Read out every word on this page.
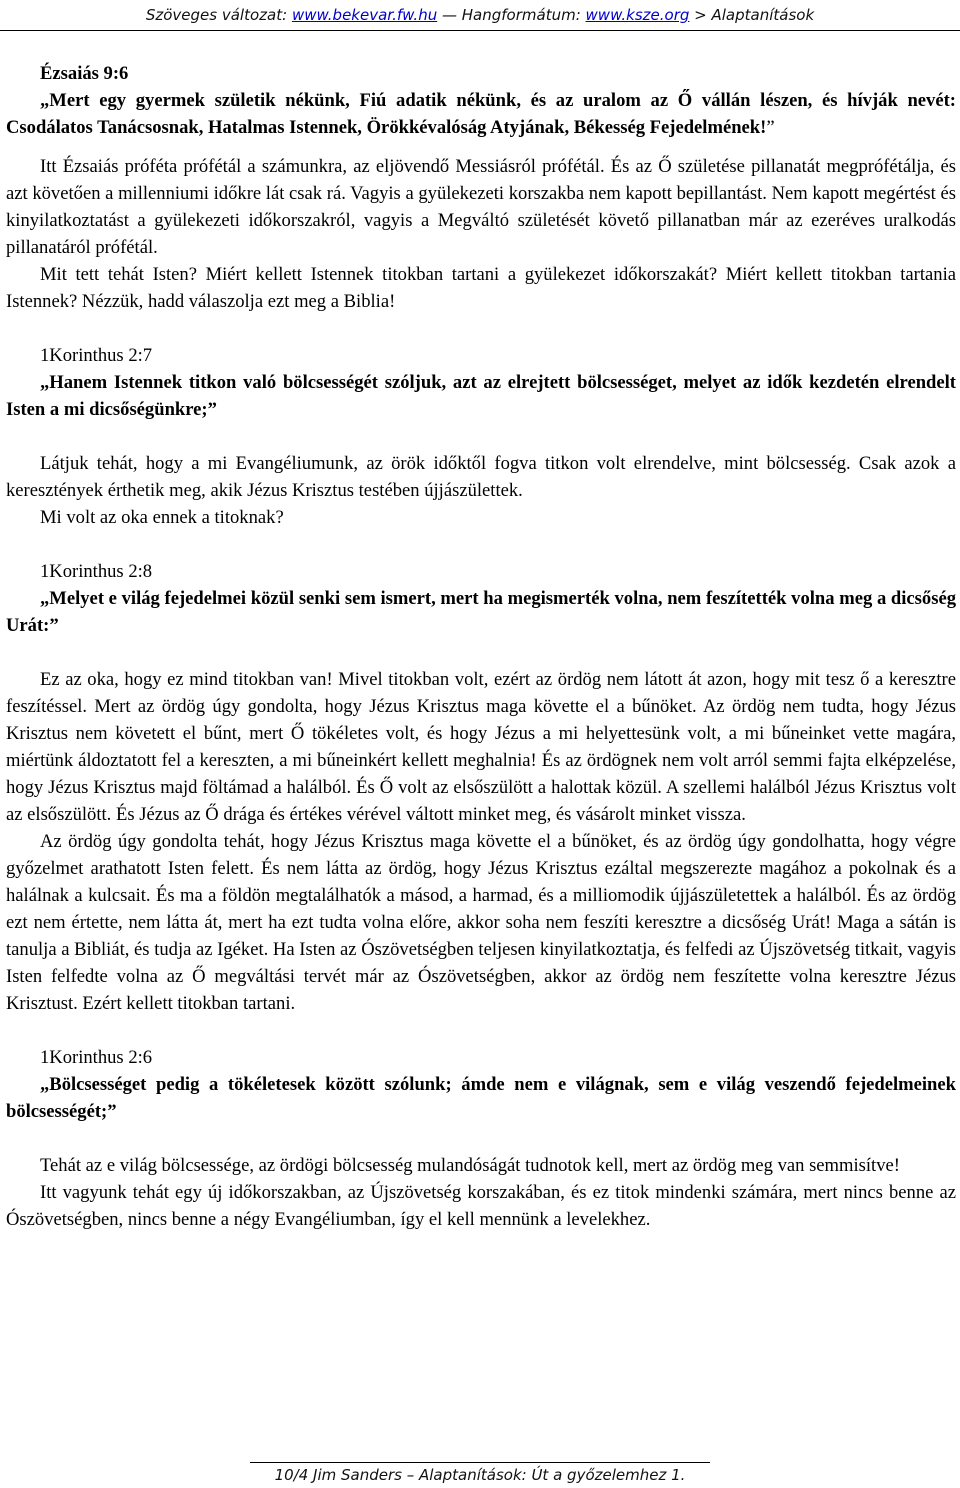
Szöveges változat: www.bekevar.fw.hu — Hangformátum: www.ksze.org > Alaptanítások

Ézsaiás 9:6

„Mert egy gyermek születik nékünk, Fiú adatik nékünk, és az uralom az Ő vállán lészen, és hívják nevét: Csodálatos Tanácsosnak, Hatalmas Istennek, Örökkévalóság Atyjának, Békesség Fejedelmének!”

Itt Ézsaiás próféta prófétál a számunkra, az eljövendő Messiásról prófétál. És az Ő születése pillanatát megprófétálja, és azt követően a millenniumi időkre lát csak rá. Vagyis a gyülekezeti korszakba nem kapott bepillantást. Nem kapott megértést és kinyilatkoztatást a gyülekezeti időkorszakról, vagyis a Megváltó születését követő pillanatban már az ezeréves uralkodás pillanatáról prófétál.

Mit tett tehát Isten? Miért kellett Istennek titokban tartani a gyülekezet időkorszakát? Miért kellett titokban tartania Istennek? Nézzük, hadd válaszolja ezt meg a Biblia!

1Korinthus 2:7

„Hanem Istennek titkon való bölcsességét szóljuk, azt az elrejtett bölcsességet, melyet az idők kezdetén elrendelt Isten a mi dicsőségünkre;”

Látjuk tehát, hogy a mi Evangéliumunk, az örök időktől fogva titkon volt elrendelve, mint bölcsesség. Csak azok a keresztények érthetik meg, akik Jézus Krisztus testében újjászülettek.

Mi volt az oka ennek a titoknak?

1Korinthus 2:8

„Melyet e világ fejedelmei közül senki sem ismert, mert ha megismerték volna, nem feszítették volna meg a dicsőség Urát:”

Ez az oka, hogy ez mind titokban van! Mivel titokban volt, ezért az ördög nem látott át azon, hogy mit tesz ő a keresztre feszítéssel. Mert az ördög úgy gondolta, hogy Jézus Krisztus maga követte el a bűnöket. Az ördög nem tudta, hogy Jézus Krisztus nem követett el bűnt, mert Ő tökéletes volt, és hogy Jézus a mi helyettesünk volt, a mi bűneinket vette magára, miértünk áldoztatott fel a kereszten, a mi bűneinkért kellett meghalnia! És az ördögnek nem volt arról semmi fajta elképzelése, hogy Jézus Krisztus majd föltámad a halálból. És Ő volt az elsőszülött a halottak közül. A szellemi halálból Jézus Krisztus volt az elsőszülött. És Jézus az Ő drága és értékes vérével váltott minket meg, és vásárolt minket vissza.

Az ördög úgy gondolta tehát, hogy Jézus Krisztus maga követte el a bűnöket, és az ördög úgy gondolhatta, hogy végre győzelmet arathatott Isten felett. És nem látta az ördög, hogy Jézus Krisztus ezáltal megszerezte magához a pokolnak és a halálnak a kulcsait. És ma a földön megtalálhatók a másod, a harmad, és a milliomodik újjászületettek a halálból. És az ördög ezt nem értette, nem látta át, mert ha ezt tudta volna előre, akkor soha nem feszíti keresztre a dicsőség Urát! Maga a sátán is tanulja a Bibliát, és tudja az Igéket. Ha Isten az Ószövetségben teljesen kinyilatkoztatja, és felfedi az Újszövetség titkait, vagyis Isten felfedte volna az Ő megváltási tervét már az Ószövetségben, akkor az ördög nem feszítette volna keresztre Jézus Krisztust. Ezért kellett titokban tartani.

1Korinthus 2:6

„Bölcsességet pedig a tökéletesek között szólunk; ámde nem e világnak, sem e világ veszendő fejedelmeinek bölcsességét;”

Tehát az e világ bölcsessége, az ördögi bölcsesség mulandóságát tudnotok kell, mert az ördög meg van semmisítve!

Itt vagyunk tehát egy új időkorszakban, az Újszövetség korszakában, és ez titok mindenki számára, mert nincs benne az Ószövetségben, nincs benne a négy Evangéliumban, így el kell mennünk a levelekhez.

10/4 Jim Sanders – Alaptanítások: Út a győzelemhez 1.
